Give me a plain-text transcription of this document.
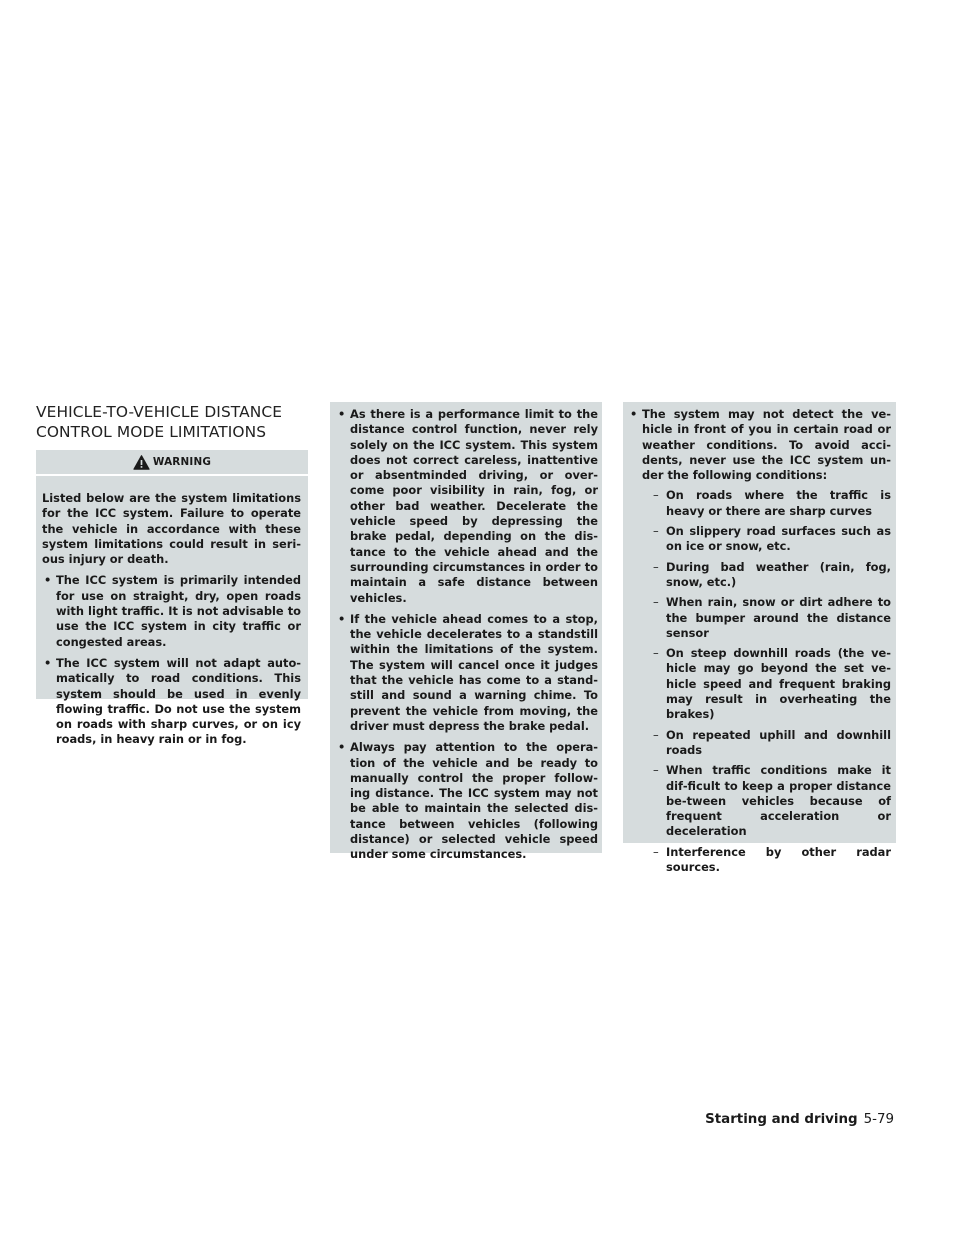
VEHICLE-TO-VEHICLE DISTANCE CONTROL MODE LIMITATIONS
WARNING

Listed below are the system limitations for the ICC system. Failure to operate the vehicle in accordance with these system limitations could result in seri-ous injury or death.

• The ICC system is primarily intended for use on straight, dry, open roads with light traffic. It is not advisable to use the ICC system in city traffic or congested areas.
• The ICC system will not adapt auto-matically to road conditions. This system should be used in evenly flowing traffic. Do not use the system on roads with sharp curves, or on icy roads, in heavy rain or in fog.
• As there is a performance limit to the distance control function, never rely solely on the ICC system. This system does not correct careless, inattentive or absentminded driving, or over-come poor visibility in rain, fog, or other bad weather. Decelerate the vehicle speed by depressing the brake pedal, depending on the dis-tance to the vehicle ahead and the surrounding circumstances in order to maintain a safe distance between vehicles.
• If the vehicle ahead comes to a stop, the vehicle decelerates to a standstill within the limitations of the system. The system will cancel once it judges that the vehicle has come to a stand-still and sound a warning chime. To prevent the vehicle from moving, the driver must depress the brake pedal.
• Always pay attention to the opera-tion of the vehicle and be ready to manually control the proper follow-ing distance. The ICC system may not be able to maintain the selected dis-tance between vehicles (following distance) or selected vehicle speed under some circumstances.
• The system may not detect the ve-hicle in front of you in certain road or weather conditions. To avoid acci-dents, never use the ICC system un-der the following conditions:
– On roads where the traffic is heavy or there are sharp curves
– On slippery road surfaces such as on ice or snow, etc.
– During bad weather (rain, fog, snow, etc.)
– When rain, snow or dirt adhere to the bumper around the distance sensor
– On steep downhill roads (the ve-hicle may go beyond the set ve-hicle speed and frequent braking may result in overheating the brakes)
– On repeated uphill and downhill roads
– When traffic conditions make it dif-ficult to keep a proper distance be-tween vehicles because of frequent acceleration or deceleration
– Interference by other radar sources.
Starting and driving 5-79
